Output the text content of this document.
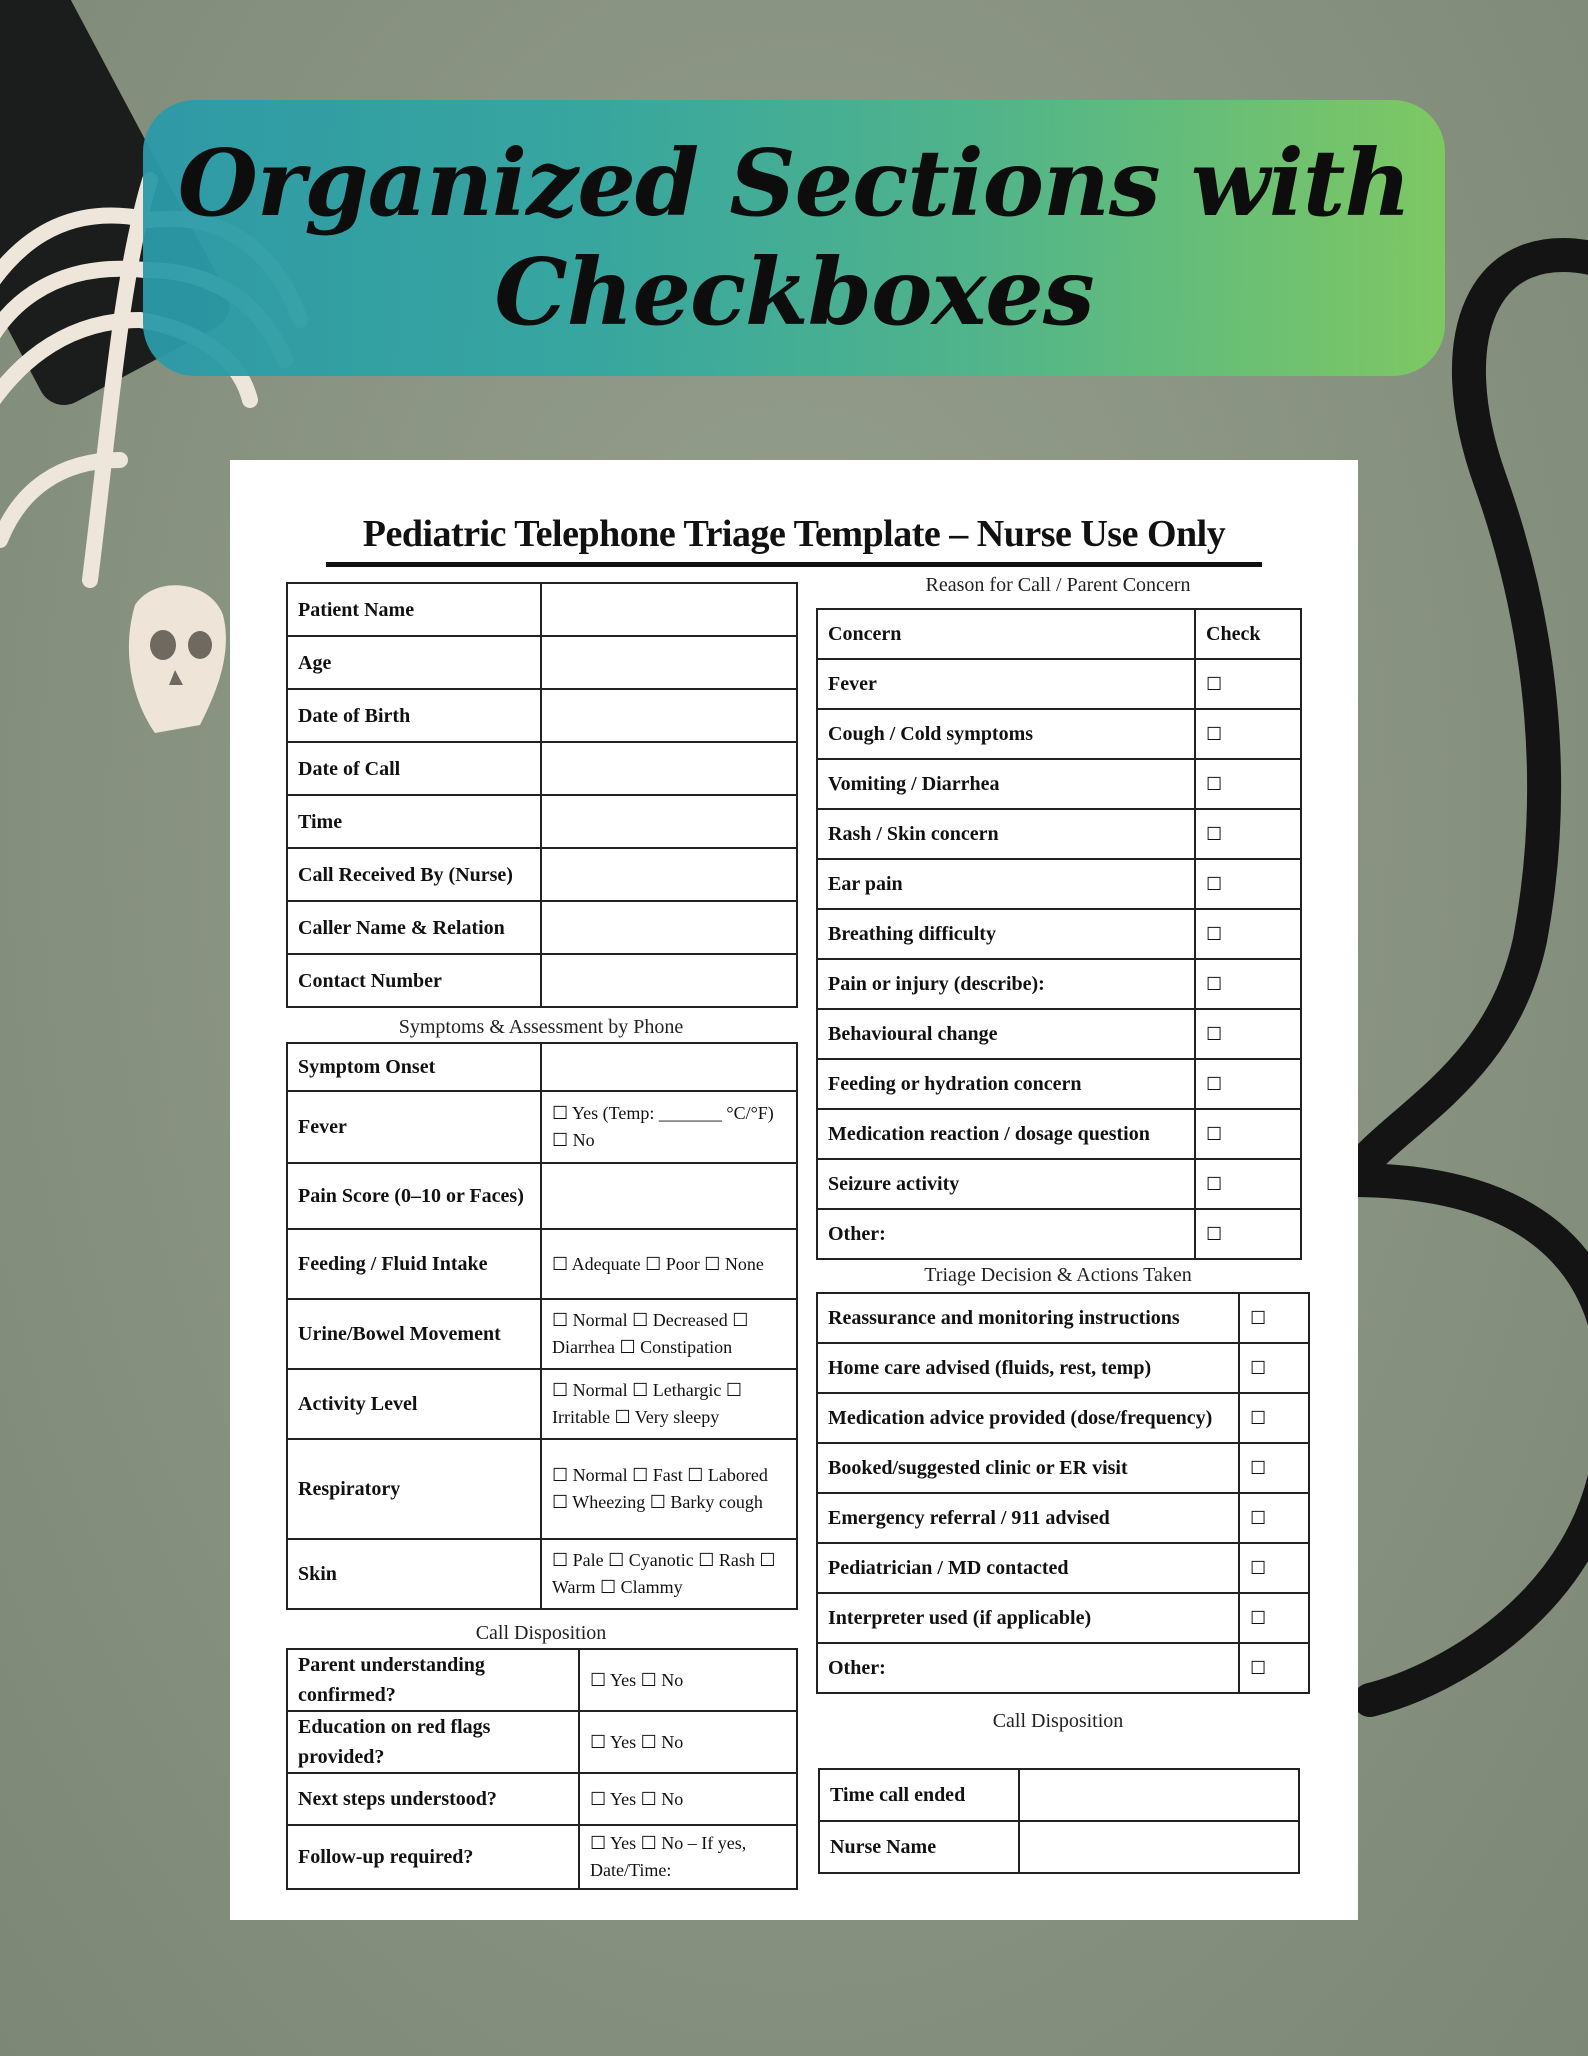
Organized Sections with
Checkboxes
Pediatric Telephone Triage Template – Nurse Use Only
Patient Name	
Age	
Date of Birth	
Date of Call	
Time	
Call Received By (Nurse)	
Caller Name & Relation	
Contact Number	
Symptoms & Assessment by Phone
Symptom Onset	
Fever	☐ Yes (Temp: _______ °C/°F) ☐ No
Pain Score (0–10 or Faces)	
Feeding / Fluid Intake	☐ Adequate ☐ Poor ☐ None
Urine/Bowel Movement	☐ Normal ☐ Decreased ☐ Diarrhea ☐ Constipation
Activity Level	☐ Normal ☐ Lethargic ☐ Irritable ☐ Very sleepy
Respiratory	☐ Normal ☐ Fast ☐ Labored ☐ Wheezing ☐ Barky cough
Skin	☐ Pale ☐ Cyanotic ☐ Rash ☐ Warm ☐ Clammy
Call Disposition
Parent understanding confirmed?	☐ Yes ☐ No
Education on red flags provided?	☐ Yes ☐ No
Next steps understood?	☐ Yes ☐ No
Follow-up required?	☐ Yes ☐ No – If yes, Date/Time:
Reason for Call / Parent Concern
Concern	Check
Fever	☐
Cough / Cold symptoms	☐
Vomiting / Diarrhea	☐
Rash / Skin concern	☐
Ear pain	☐
Breathing difficulty	☐
Pain or injury (describe):	☐
Behavioural change	☐
Feeding or hydration concern	☐
Medication reaction / dosage question	☐
Seizure activity	☐
Other:	☐
Triage Decision & Actions Taken
Reassurance and monitoring instructions	☐
Home care advised (fluids, rest, temp)	☐
Medication advice provided (dose/frequency)	☐
Booked/suggested clinic or ER visit	☐
Emergency referral / 911 advised	☐
Pediatrician / MD contacted	☐
Interpreter used (if applicable)	☐
Other:	☐
Call Disposition
Time call ended	
Nurse Name	
